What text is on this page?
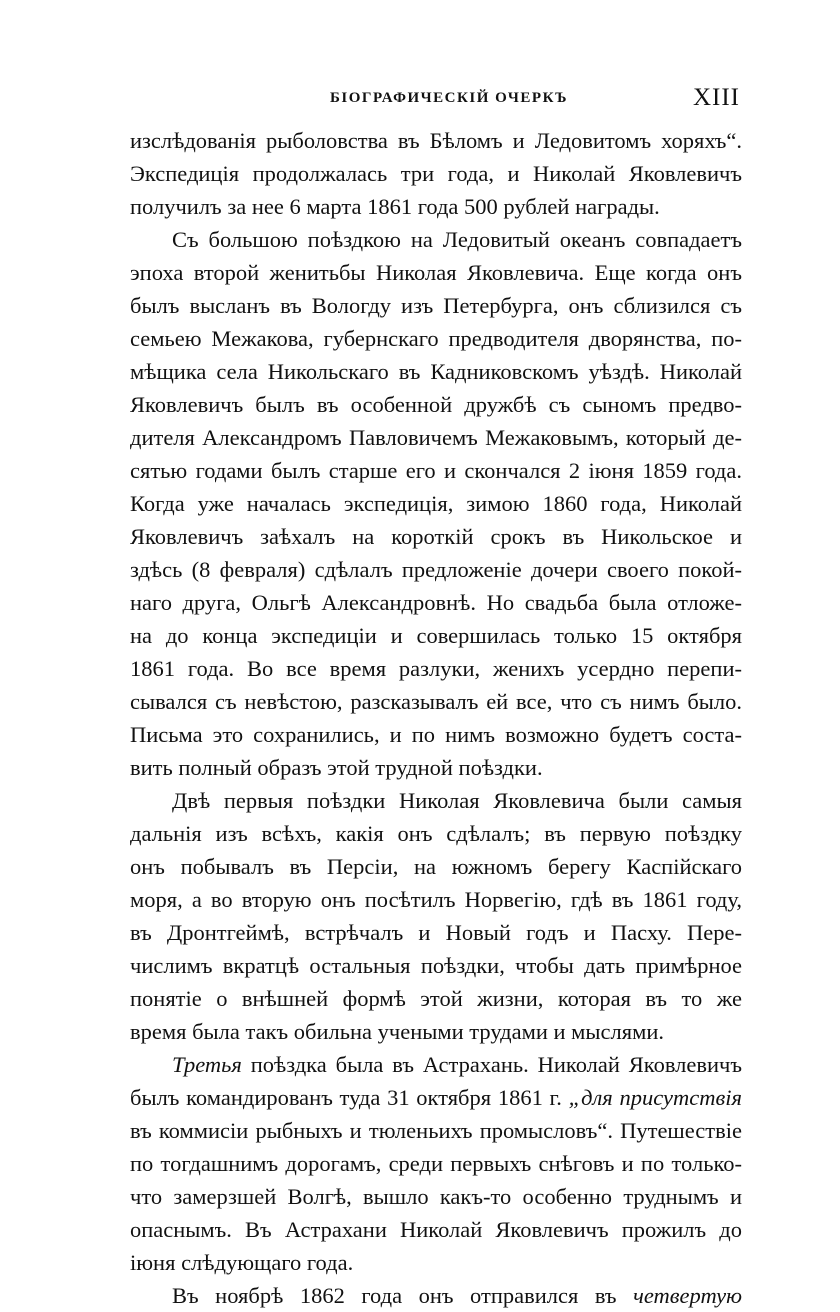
БІОГРАФИЧЕСКІЙ ОЧЕРКЪ	XIII
изслѣдованія рыболовства въ Бѣломъ и Ледовитомъ хоряхъ“.
Экспедиція продолжалась три года, и Николай Яковлевичъ
получилъ за нее 6 марта 1861 года 500 рублей награды.
Съ большою поѣздкою на Ледовитый океанъ совпадаетъ
эпоха второй женитьбы Николая Яковлевича. Еще когда онъ
былъ высланъ въ Вологду изъ Петербурга, онъ сблизился съ
семьею Межакова, губернскаго предводителя дворянства, по-
мѣщика села Никольскаго въ Кадниковскомъ уѣздѣ. Николай
Яковлевичъ былъ въ особенной дружбѣ съ сыномъ предво-
дителя Александромъ Павловичемъ Межаковымъ, который де-
сятью годами былъ старше его и скончался 2 іюня 1859 года.
Когда уже началась экспедиція, зимою 1860 года, Николай
Яковлевичъ заѣхалъ на короткій срокъ въ Никольское и
здѣсь (8 февраля) сдѣлалъ предложеніе дочери своего покой-
наго друга, Ольгѣ Александровнѣ. Но свадьба была отложе-
на до конца экспедиціи и совершилась только 15 октября
1861 года. Во все время разлуки, женихъ усердно перепи-
сывался съ невѣстою, разсказывалъ ей все, что съ нимъ было.
Письма это сохранились, и по нимъ возможно будетъ соста-
вить полный образъ этой трудной поѣздки.
Двѣ первыя поѣздки Николая Яковлевича были самыя
дальнія изъ всѣхъ, какія онъ сдѣлалъ; въ первую поѣздку
онъ побывалъ въ Персіи, на южномъ берегу Каспійскаго
моря, а во вторую онъ посѣтилъ Норвегію, гдѣ въ 1861 году,
въ Дронтгеймѣ, встрѣчалъ и Новый годъ и Пасху. Пере-
числимъ вкратцѣ остальныя поѣздки, чтобы дать примѣрное
понятіе о внѣшней формѣ этой жизни, которая въ то же
время была такъ обильна учеными трудами и мыслями.
Третья поѣздка была въ Астрахань. Николай Яковлевичъ
былъ командированъ туда 31 октября 1861 г. „для присутствія
въ коммисіи рыбныхъ и тюленьихъ промысловъ“. Путешествіе
по тогдашнимъ дорогамъ, среди первыхъ снѣговъ и по только-
что замерзшей Волгѣ, вышло какъ-то особенно труднымъ и
опаснымъ. Въ Астрахани Николай Яковлевичъ прожилъ до
іюня слѣдующаго года.
Въ ноябрѣ 1862 года онъ отправился въ четвертую
